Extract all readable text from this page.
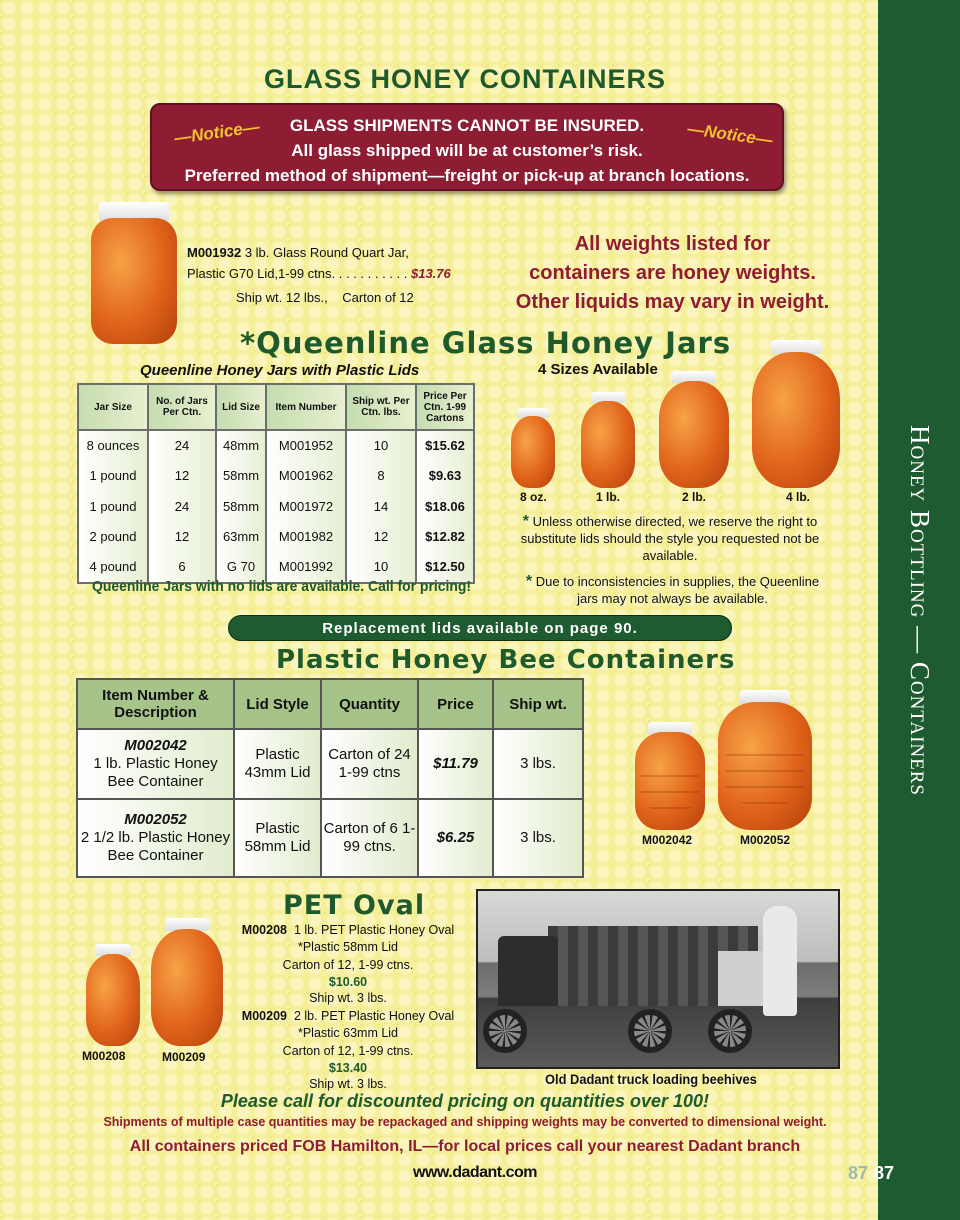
Honey Bottling — Containers
87 87
GLASS HONEY CONTAINERS
—Notice—	—Notice—
GLASS SHIPMENTS CANNOT BE INSURED.
All glass shipped will be at customer’s risk.
Preferred method of shipment—freight or pick-up at branch locations.
M001932 3 lb. Glass Round Quart Jar,
Plastic G70 Lid,1-99 ctns. . . . . . . . . . . $13.76
Ship wt. 12 lbs.,    Carton of 12
All weights listed for
containers are honey weights.
Other liquids may vary in weight.
*Queenline Glass Honey Jars
Queenline Honey Jars with Plastic Lids	4 Sizes Available
Jar Size	No. of Jars Per Ctn.	Lid Size	Item Number	Ship wt. Per Ctn. lbs.	Price Per Ctn. 1-99 Cartons
8 ounces	24	48mm	M001952	10	$15.62
1 pound	12	58mm	M001962	8	$9.63
1 pound	24	58mm	M001972	14	$18.06
2 pound	12	63mm	M001982	12	$12.82
4 pound	6	G 70	M001992	10	$12.50
Queenline Jars with no lids are available. Call for pricing!
8 oz.	1 lb.	2 lb.	4 lb.
* Unless otherwise directed, we reserve the right to substitute lids should the style you requested not be available.
* Due to inconsistencies in supplies, the Queenline jars may not always be available.
Replacement lids available on page 90.
Plastic Honey Bee Containers
Item Number & Description	Lid Style	Quantity	Price	Ship wt.

M002042
1 lb. Plastic Honey Bee Container	Plastic 43mm Lid	Carton of 24 1-99 ctns	$11.79	3 lbs.

M002052
2 1/2 lb. Plastic Honey Bee Container	Plastic 58mm Lid	Carton of 6 1-99 ctns.	$6.25	3 lbs.	M002042	M002052
PET Oval
M00208	M00209
M00208 1 lb. PET Plastic Honey Oval
*Plastic 58mm Lid
Carton of 12, 1-99 ctns.
$10.60
Ship wt. 3 lbs.
M00209 2 lb. PET Plastic Honey Oval
*Plastic 63mm Lid
Carton of 12, 1-99 ctns.
$13.40
Ship wt. 3 lbs.	Old Dadant truck loading beehives
Please call for discounted pricing on quantities over 100!
Shipments of multiple case quantities may be repackaged and shipping weights may be converted to dimensional weight.
All containers priced FOB Hamilton, IL—for local prices call your nearest Dadant branch
www.dadant.com
